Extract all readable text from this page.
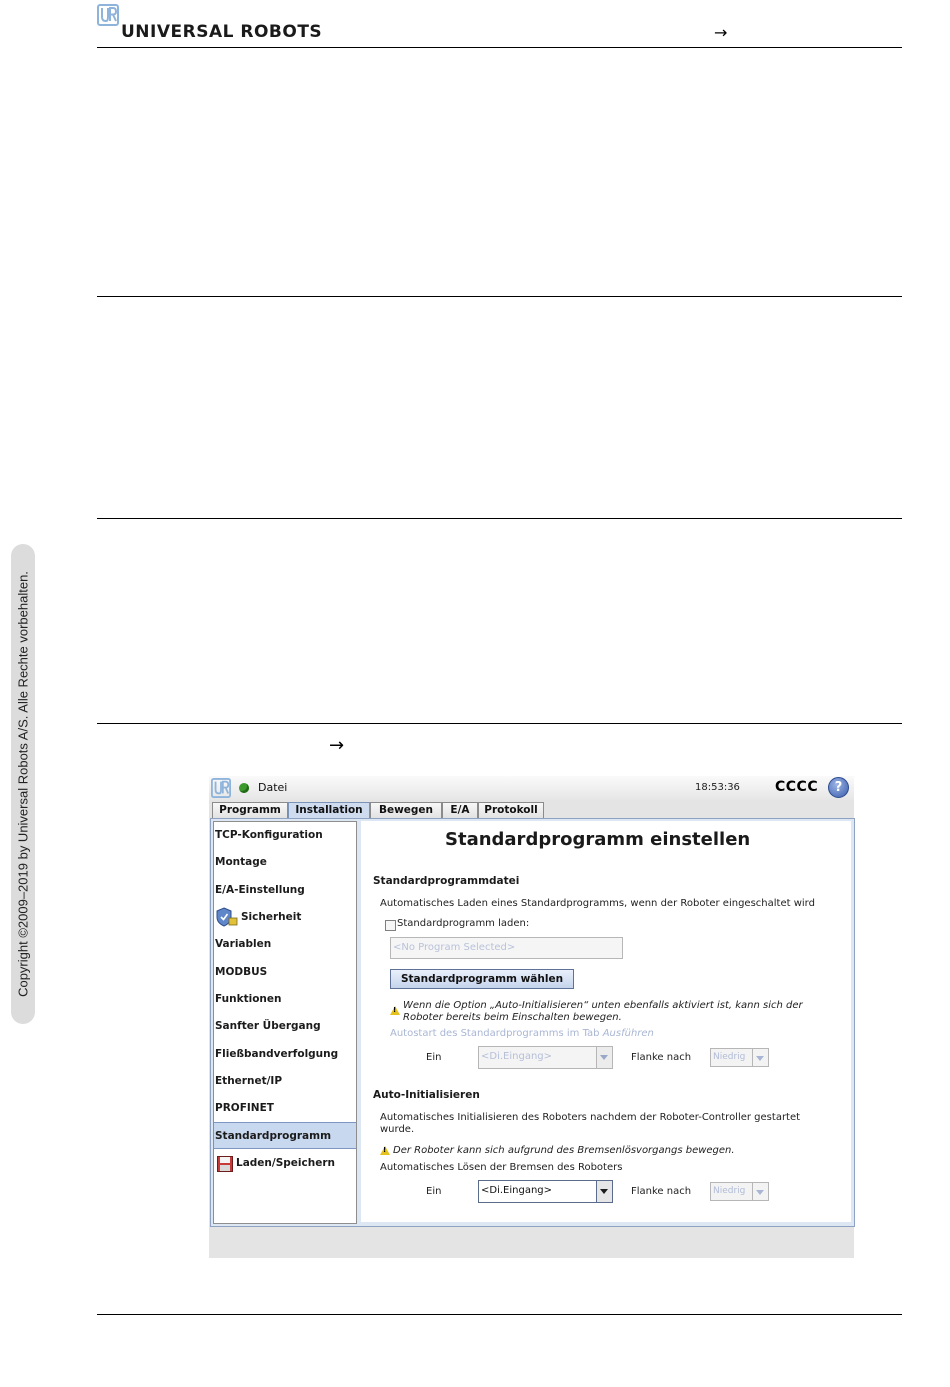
UNIVERSAL ROBOTS	→
→
Copyright ©2009–2019 by Universal Robots A/S. Alle Rechte vorbehalten.	Datei	18:53:36	CCCC	?
Programm	Installation	Bewegen	E/A	Protokoll
TCP-Konfiguration
Montage
E/A-Einstellung
Sicherheit
Variablen
MODBUS
Funktionen
Sanfter Übergang
Fließbandverfolgung
Ethernet/IP
PROFINET
Standardprogramm
Laden/Speichern
Standardprogramm einstellen
Standardprogrammdatei
Automatisches Laden eines Standardprogramms, wenn der Roboter eingeschaltet wird
Standardprogramm laden:
<No Program Selected>
Standardprogramm wählen
!
Wenn die Option „Auto-Initialisieren“ unten ebenfalls aktiviert ist, kann sich der
Roboter bereits beim Einschalten bewegen.
Autostart des Standardprogramms im Tab Ausführen
Ein	<Di.Eingang>	Flanke nach	Niedrig
Auto-Initialisieren
Automatisches Initialisieren des Roboters nachdem der Roboter-Controller gestartet
wurde.
!
Der Roboter kann sich aufgrund des Bremsenlösvorgangs bewegen.
Automatisches Lösen der Bremsen des Roboters
Ein	<Di.Eingang>	Flanke nach	Niedrig
